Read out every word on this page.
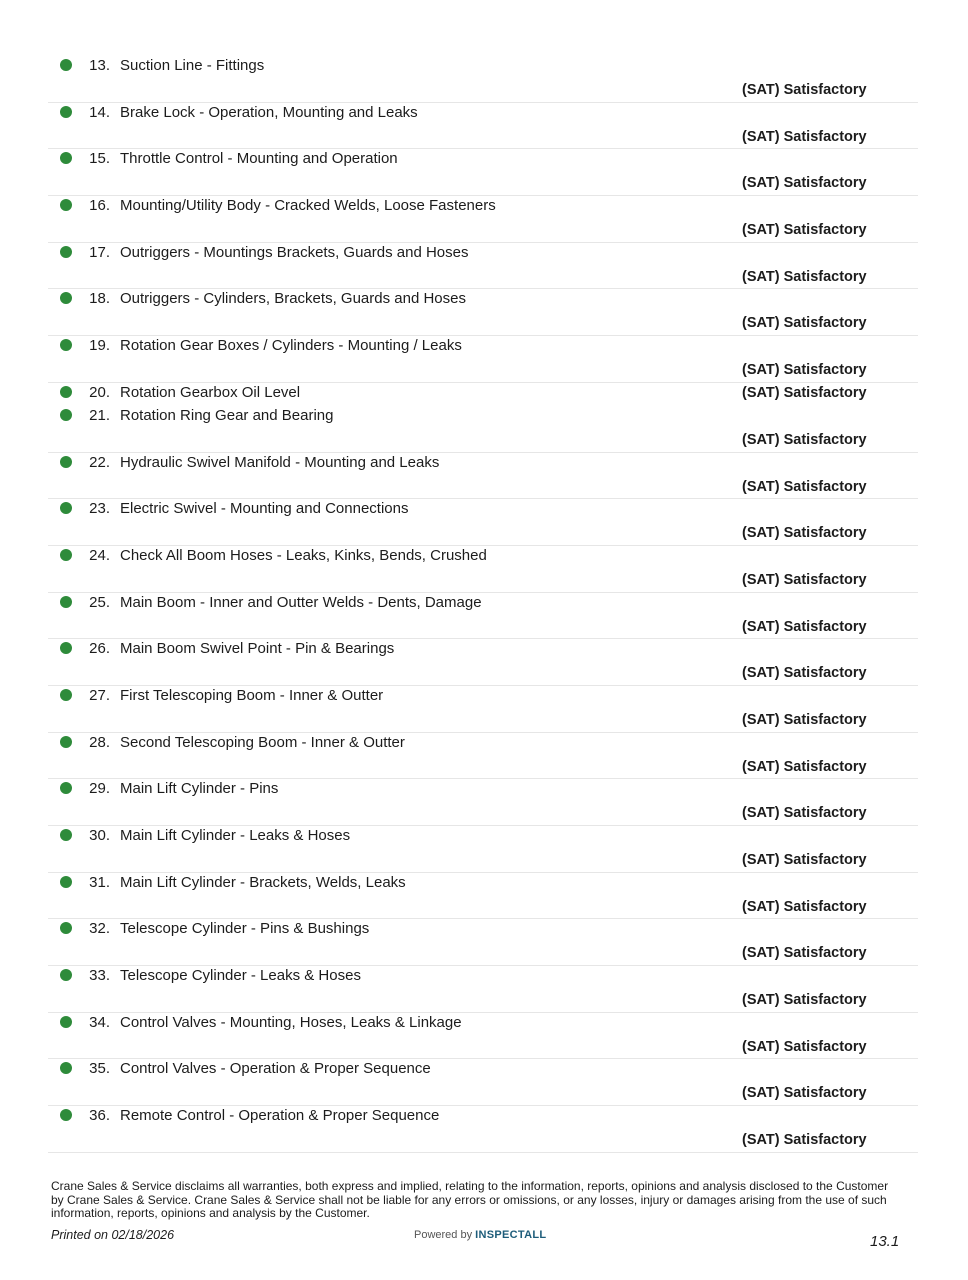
13. Suction Line - Fittings
(SAT) Satisfactory
14. Brake Lock - Operation, Mounting and Leaks
(SAT) Satisfactory
15. Throttle Control - Mounting and Operation
(SAT) Satisfactory
16. Mounting/Utility Body - Cracked Welds, Loose Fasteners
(SAT) Satisfactory
17. Outriggers - Mountings Brackets, Guards and Hoses
(SAT) Satisfactory
18. Outriggers - Cylinders, Brackets, Guards and Hoses
(SAT) Satisfactory
19. Rotation Gear Boxes / Cylinders - Mounting / Leaks
(SAT) Satisfactory
20. Rotation Gearbox Oil Level	(SAT) Satisfactory
21. Rotation Ring Gear and Bearing
(SAT) Satisfactory
22. Hydraulic Swivel Manifold - Mounting and Leaks
(SAT) Satisfactory
23. Electric Swivel - Mounting and Connections
(SAT) Satisfactory
24. Check All Boom Hoses - Leaks, Kinks, Bends, Crushed
(SAT) Satisfactory
25. Main Boom - Inner and Outter Welds - Dents, Damage
(SAT) Satisfactory
26. Main Boom Swivel Point - Pin & Bearings
(SAT) Satisfactory
27. First Telescoping Boom - Inner & Outter
(SAT) Satisfactory
28. Second Telescoping Boom - Inner & Outter
(SAT) Satisfactory
29. Main Lift Cylinder - Pins
(SAT) Satisfactory
30. Main Lift Cylinder - Leaks & Hoses
(SAT) Satisfactory
31. Main Lift Cylinder - Brackets, Welds, Leaks
(SAT) Satisfactory
32. Telescope Cylinder - Pins & Bushings
(SAT) Satisfactory
33. Telescope Cylinder - Leaks & Hoses
(SAT) Satisfactory
34. Control Valves - Mounting, Hoses, Leaks & Linkage
(SAT) Satisfactory
35. Control Valves - Operation & Proper Sequence
(SAT) Satisfactory
36. Remote Control - Operation & Proper Sequence
(SAT) Satisfactory
Crane Sales & Service disclaims all warranties, both express and implied, relating to the information, reports, opinions and analysis disclosed to the Customer by Crane Sales & Service. Crane Sales & Service shall not be liable for any errors or omissions, or any losses, injury or damages arising from the use of such information, reports, opinions and analysis by the Customer.
Printed on 02/18/2026	Powered by INSPECTALL	13.1
